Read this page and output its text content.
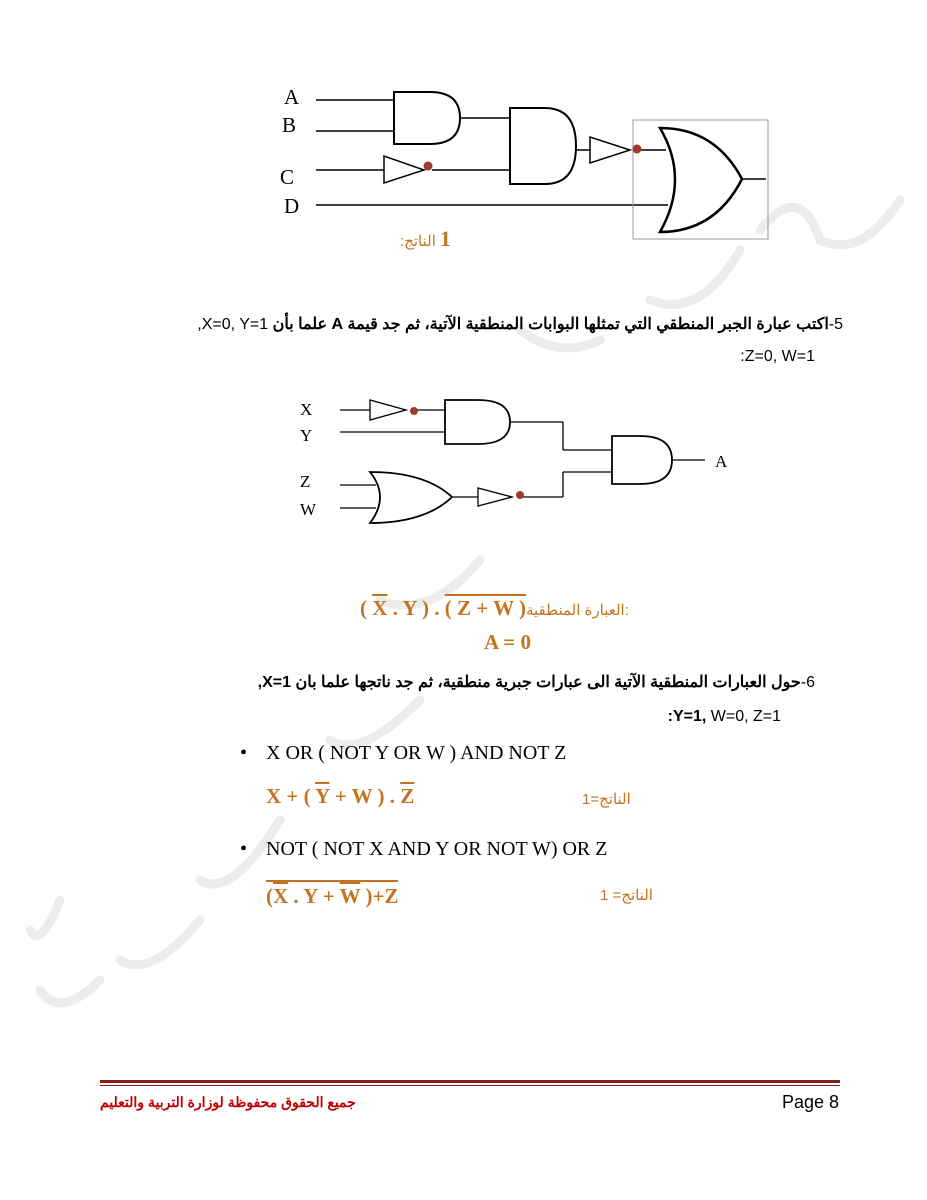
A
B
C
D
1 الناتج:
5-اكتب عبارة الجبر المنطقي التي تمثلها البوابات المنطقية الآتية، ثم جد قيمة A علما بأن X=0, Y=1,
:Z=0, W=1
X
Y
Z
W
A
( $\overline{X}$ . Y ) . ( Z + W )العبارة المنطقية:
A = 0
6-حول العبارات المنطقية الآتية الى عبارات جبرية منطقية، ثم جد ناتجها علما بان X=1,
:Y=1, W=0, Z=1
• X OR ( NOT Y OR W ) AND NOT Z
X + ( $\overline{Y} + W$ ) . $\overline{Z}$	الناتج=1
• NOT ( NOT X AND Y OR NOT W) OR Z
($\overline{X}$ . $Y + \overline{W}$ )+Z	الناتج= 1
جميع الحقوق محفوظة لوزارة التربية والتعليم	Page 8
